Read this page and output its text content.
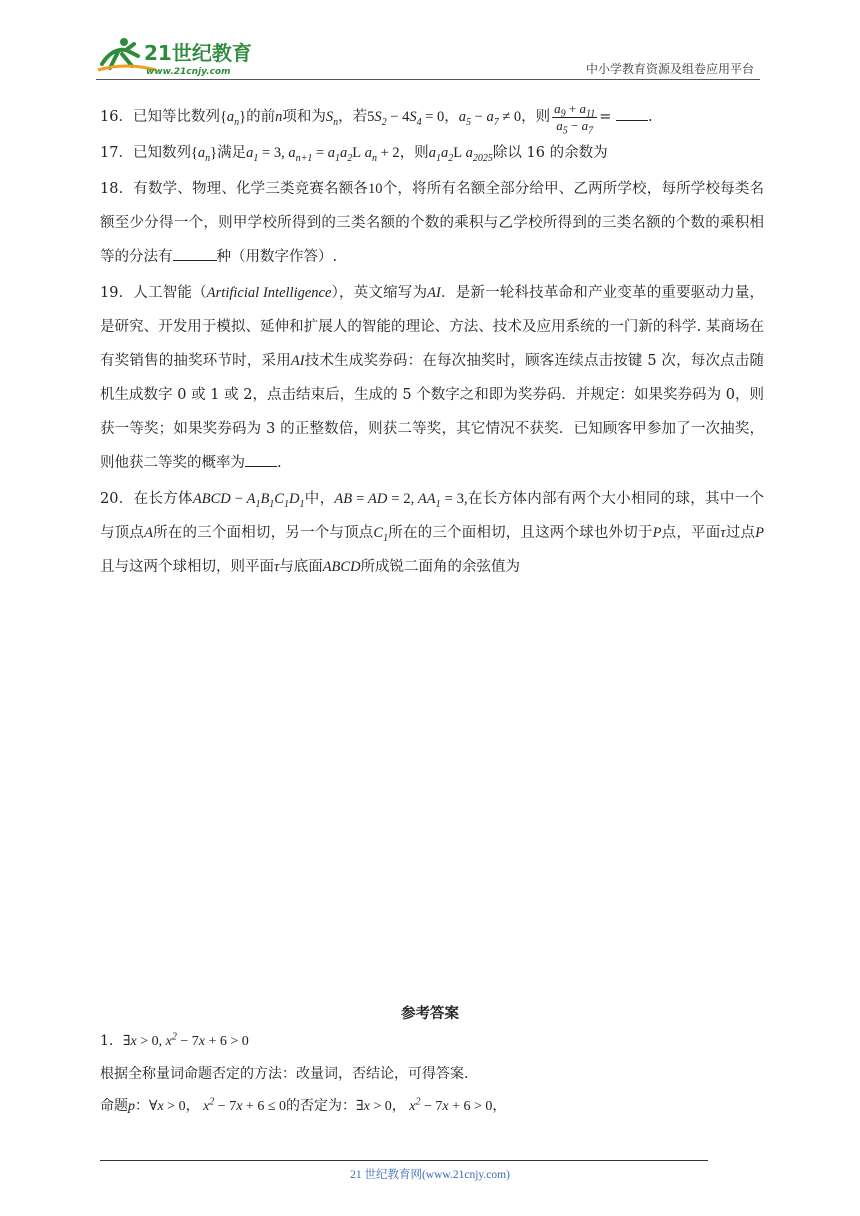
21世纪教育
www.21cnjy.com	中小学教育资源及组卷应用平台

16．已知等比数列$\{a_n\}$的前n项和为$S_n$，若$5S_2 - 4S_4 = 0$，$a_5 - a_7 \ne 0$，则 $\frac{a_9 + a_{11}}{a_5 - a_7}$ =	.

17．已知数列$\{a_n\}$满足$a_1 = 3$, $a_{n+1} = a_1a_2L$ $a_n + 2$，则$a_1a_2L$ $a_{2025}$除以 16 的余数为

18．有数学、物理、化学三类竞赛名额各10个，将所有名额全部分给甲、乙两所学校，每所学校每类名额至少分得一个，则甲学校所得到的三类名额的个数的乘积与乙学校所得到的三类名额的个数的乘积相等的分法有	种（用数字作答）.

19．人工智能（Artificial Intelligence），英文缩写为AI．是新一轮科技革命和产业变革的重要驱动力量，是研究、开发用于模拟、延伸和扩展人的智能的理论、方法、技术及应用系统的一门新的科学. 某商场在有奖销售的抽奖环节时，采用AI技术生成奖券码：在每次抽奖时，顾客连续点击按键 5 次，每次点击随机生成数字 0 或 1 或 2，点击结束后，生成的 5 个数字之和即为奖券码．并规定：如果奖券码为 0，则获一等奖；如果奖券码为 3 的正整数倍，则获二等奖，其它情况不获奖．已知顾客甲参加了一次抽奖，则他获二等奖的概率为 .

20．在长方体ABCD − $A_1B_1C_1D_1$中，AB = AD = 2, $AA_1 = 3$,在长方体内部有两个大小相同的球，其中一个与顶点A所在的三个面相切，另一个与顶点$C_1$所在的三个面相切，且这两个球也外切于P点，平面τ过点P且与这两个球相切，则平面τ与底面ABCD所成锐二面角的余弦值为

参考答案

1．∃x > 0, $x^2 - 7x + 6 > 0$

根据全称量词命题否定的方法：改量词，否结论，可得答案.

命题p：∀x > 0， $x^2 - 7x + 6 \le 0$的否定为：∃x > 0， $x^2 - 7x + 6 > 0$，

21 世纪教育网(www.21cnjy.com)
